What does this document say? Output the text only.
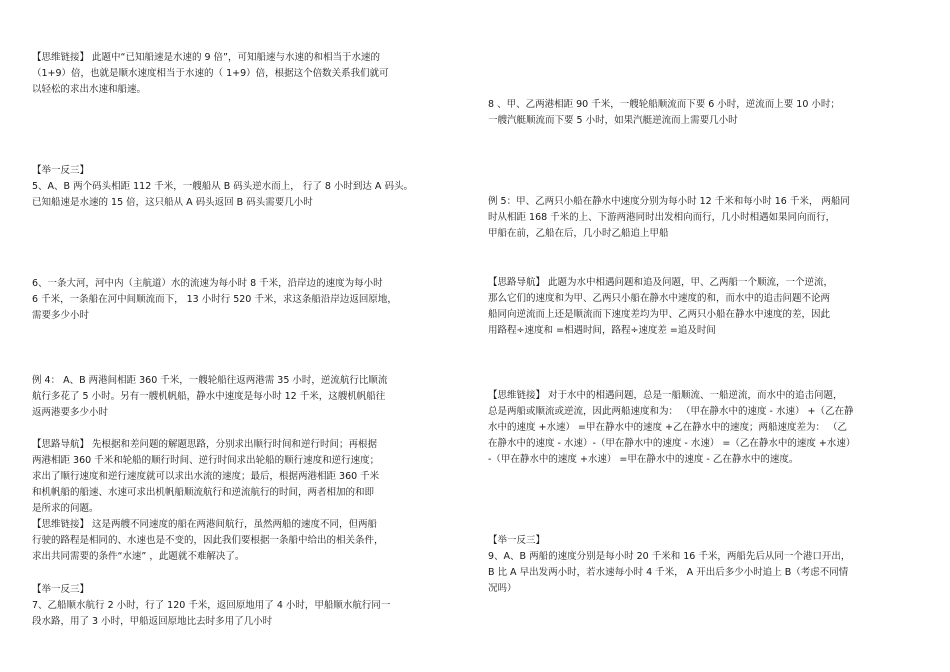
【思维链接】 此题中“已知船速是水速的 9 倍”，可知船速与水速的和相当于水速的
（1+9）倍，也就是顺水速度相当于水速的（ 1+9）倍，根据这个倍数关系我们就可
以轻松的求出水速和船速。
【举一反三】
5、A、B 两个码头相距 112 千米，一艘船从 B 码头逆水而上， 行了 8 小时到达 A 码头。
已知船速是水速的 15 倍，这只船从 A 码头返回 B 码头需要几小时
6、一条大河，河中内（主航道）水的流速为每小时 8 千米，沿岸边的速度为每小时
6 千米，一条船在河中间顺流而下， 13 小时行 520 千米，求这条船沿岸边返回原地，
需要多少小时
例 4： A、B 两港间相距 360 千米，一艘轮船往返两港需 35 小时，逆流航行比顺流
航行多花了 5 小时。另有一艘机帆船，静水中速度是每小时 12 千米，这艘机帆船往
返两港要多少小时
【思路导航】 先根据和差问题的解题思路，分别求出顺行时间和逆行时间；再根据
两港相距 360 千米和轮船的顺行时间、逆行时间求出轮船的顺行速度和逆行速度；
求出了顺行速度和逆行速度就可以求出水流的速度；最后，根据两港相距 360 千米
和机帆船的船速、水速可求出机帆船顺流航行和逆流航行的时间，两者相加的和即
是所求的问题。
【思维链接】 这是两艘不同速度的船在两港间航行，虽然两船的速度不同，但两船
行驶的路程是相同的、水速也是不变的，因此我们要根据一条船中给出的相关条件，
求出共同需要的条件“水速” ，此题就不难解决了。
【举一反三】
7、乙船顺水航行 2 小时，行了 120 千米，返回原地用了 4 小时，甲船顺水航行同一
段水路，用了 3 小时，甲船返回原地比去时多用了几小时
8 、甲、乙两港相距 90 千米，一艘轮船顺流而下要 6 小时，逆流而上要 10 小时；
一艘汽艇顺流而下要 5 小时，如果汽艇逆流而上需要几小时
例 5：甲、乙两只小船在静水中速度分别为每小时 12 千米和每小时 16 千米， 两船同
时从相距 168 千米的上、下游两港同时出发相向而行，几小时相遇如果同向而行，
甲船在前，乙船在后，几小时乙船追上甲船
【思路导航】 此题为水中相遇问题和追及问题，甲、乙两船一个顺流，一个逆流，
那么它们的速度和为甲、乙两只小船在静水中速度的和，而水中的追击问题不论两
船同向逆流而上还是顺流而下速度差均为甲、乙两只小船在静水中速度的差，因此
用路程÷速度和 =相遇时间，路程÷速度差 =追及时间
【思维链接】 对于水中的相遇问题，总是一船顺流、一船逆流，而水中的追击问题，
总是两船或顺流或逆流，因此两船速度和为： （甲在静水中的速度 - 水速） +（乙在静
水中的速度 +水速） =甲在静水中的速度 +乙在静水中的速度；两船速度差为： （乙
在静水中的速度 - 水速）-（甲在静水中的速度 - 水速） =（乙在静水中的速度 +水速）
-（甲在静水中的速度 +水速） =甲在静水中的速度 - 乙在静水中的速度。
【举一反三】
9、A、B 两船的速度分别是每小时 20 千米和 16 千米，两船先后从同一个港口开出，
B 比 A 早出发两小时，若水速每小时 4 千米， A 开出后多少小时追上 B（考虑不同情
况吗）
